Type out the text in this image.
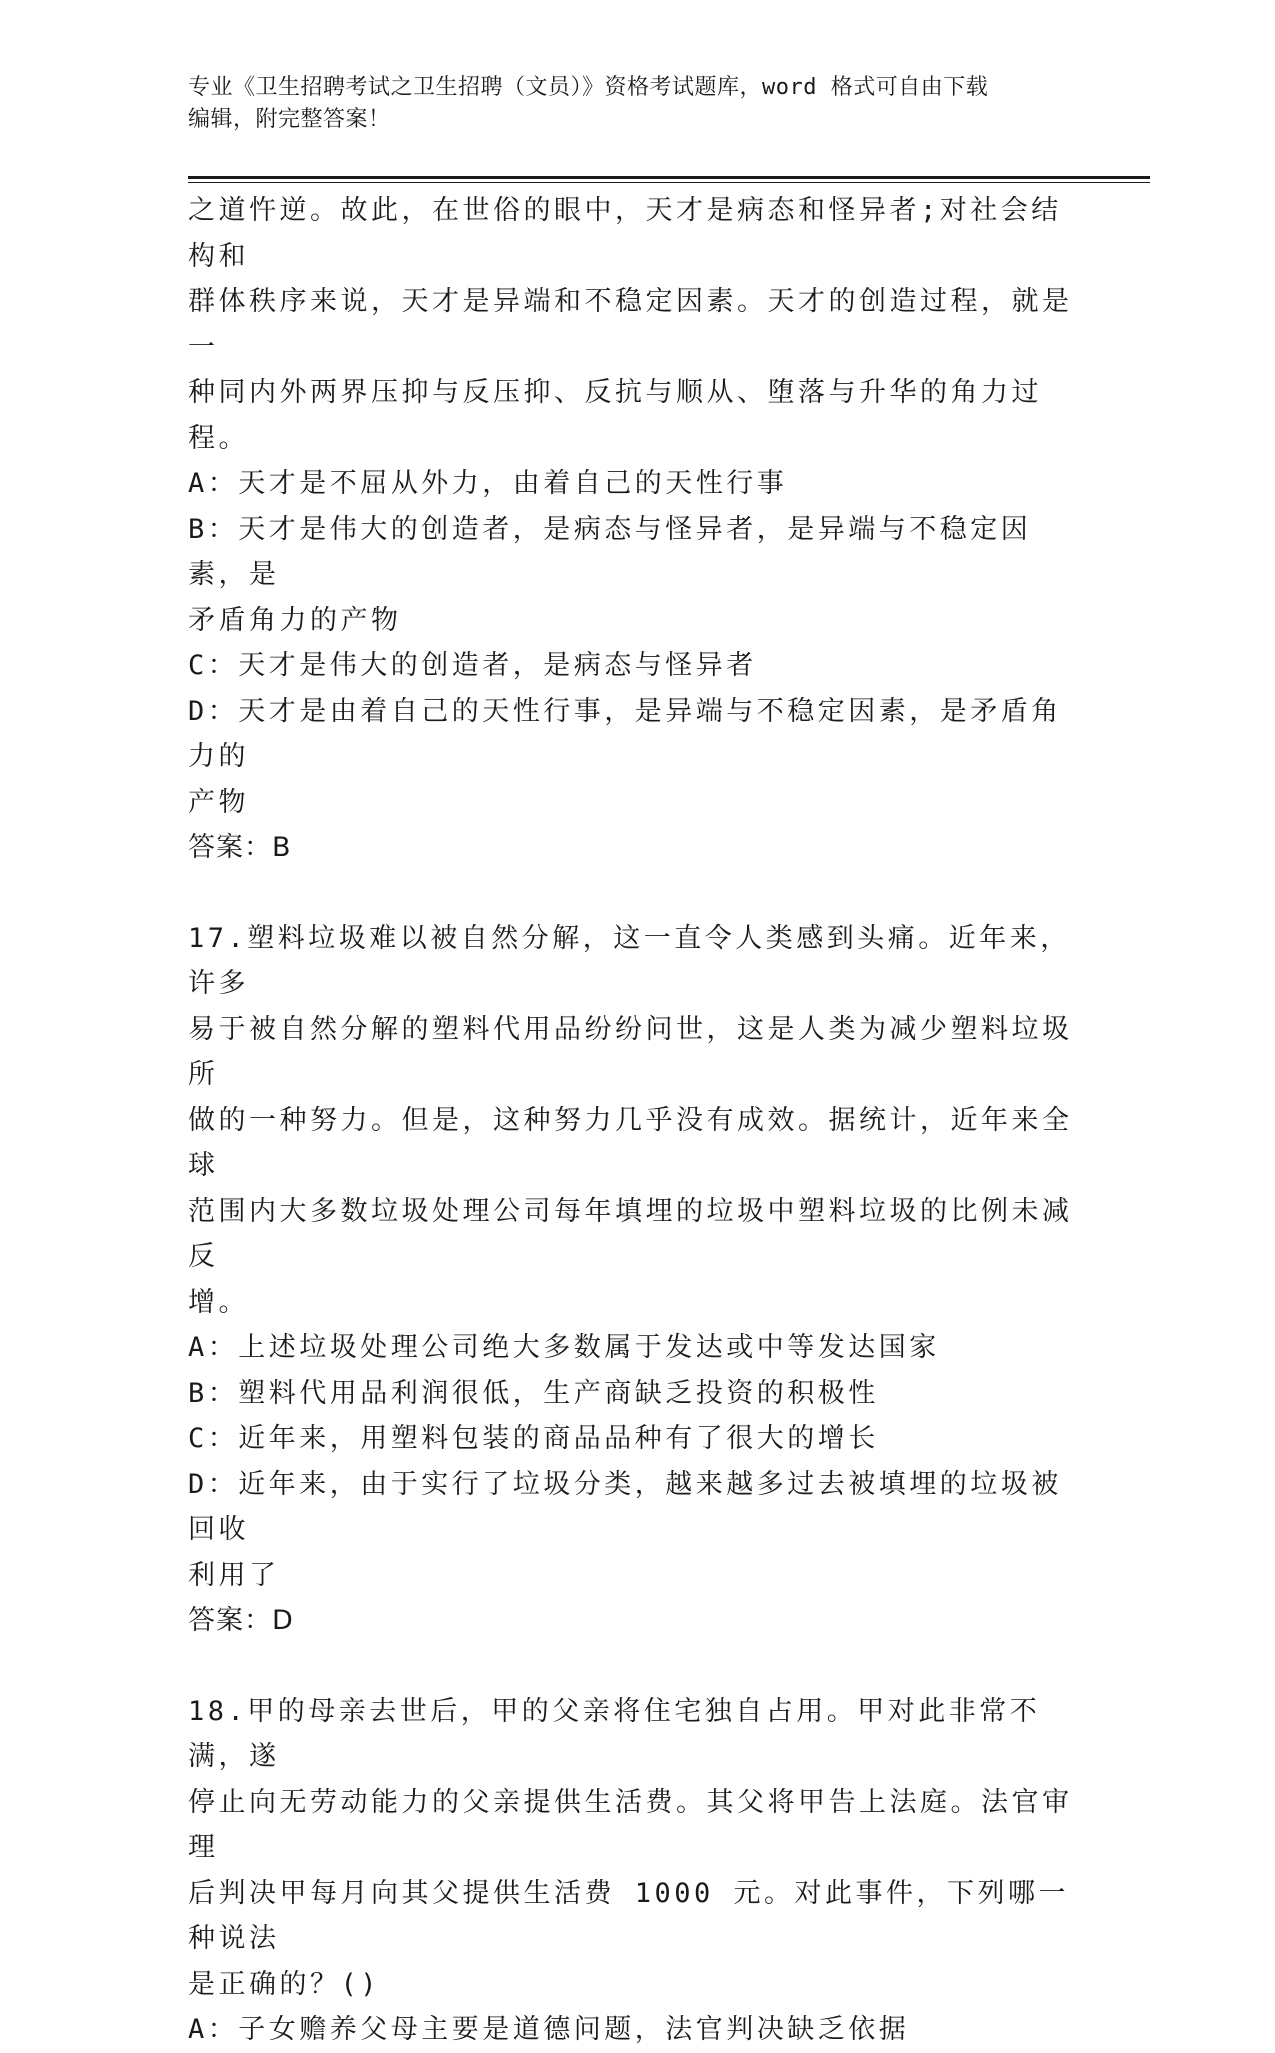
专业《卫生招聘考试之卫生招聘（文员）》资格考试题库，word 格式可自由下载
编辑，附完整答案！

之道忤逆。故此，在世俗的眼中，天才是病态和怪异者;对社会结构和

群体秩序来说，天才是异端和不稳定因素。天才的创造过程，就是一

种同内外两界压抑与反压抑、反抗与顺从、堕落与升华的角力过程。

A：天才是不屈从外力，由着自己的天性行事

B：天才是伟大的创造者，是病态与怪异者，是异端与不稳定因素，是

矛盾角力的产物

C：天才是伟大的创造者，是病态与怪异者

D：天才是由着自己的天性行事，是异端与不稳定因素，是矛盾角力的

产物

答案：B

17.塑料垃圾难以被自然分解，这一直令人类感到头痛。近年来，许多

易于被自然分解的塑料代用品纷纷问世，这是人类为减少塑料垃圾所

做的一种努力。但是，这种努力几乎没有成效。据统计，近年来全球

范围内大多数垃圾处理公司每年填埋的垃圾中塑料垃圾的比例未减反

增。

A：上述垃圾处理公司绝大多数属于发达或中等发达国家

B：塑料代用品利润很低，生产商缺乏投资的积极性

C：近年来，用塑料包装的商品品种有了很大的增长

D：近年来，由于实行了垃圾分类，越来越多过去被填埋的垃圾被回收

利用了

答案：D

18.甲的母亲去世后，甲的父亲将住宅独自占用。甲对此非常不满，遂

停止向无劳动能力的父亲提供生活费。其父将甲告上法庭。法官审理

后判决甲每月向其父提供生活费 1000 元。对此事件，下列哪一种说法

是正确的？()

A：子女赡养父母主要是道德问题，法官判决缺乏依据
